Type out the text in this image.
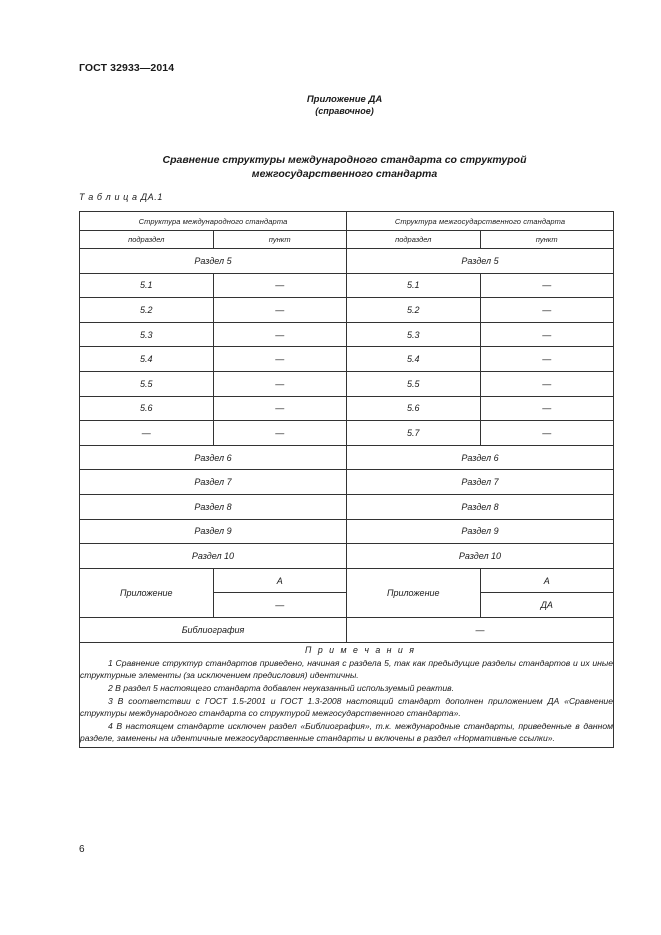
ГОСТ 32933—2014
Приложение ДА
(справочное)
Сравнение структуры международного стандарта со структурой
межгосударственного стандарта
Т а б л и ц а ДА.1
Структура международного стандарта		Структура межгосударственного стандарта	
подраздел	пункт	подраздел	пункт
Раздел 5		Раздел 5	
5.1	—	5.1	—
5.2	—	5.2	—
5.3	—	5.3	—
5.4	—	5.4	—
5.5	—	5.5	—
5.6	—	5.6	—
—	—	5.7	—
Раздел 6		Раздел 6	
Раздел 7		Раздел 7	
Раздел 8		Раздел 8	
Раздел 9		Раздел 9	
Раздел 10		Раздел 10	
Приложение	А	Приложение	А
	—		ДА
Библиография		—	

П р и м е ч а н и я

1 Сравнение структур стандартов приведено, начиная с раздела 5, так как предыдущие разделы стандартов и их иные структурные элементы (за исключением предисловия) идентичны.

2 В раздел 5 настоящего стандарта добавлен неуказанный используемый реактив.

3 В соответствии с ГОСТ 1.5-2001 и ГОСТ 1.3-2008 настоящий стандарт дополнен приложением ДА «Сравнение структуры международного стандарта со структурой межгосударственного стандарта».

4 В настоящем стандарте исключен раздел «Библиография», т.к. международные стандарты, приведенные в данном разделе, заменены на идентичные межгосударственные стандарты и включены в раздел «Нормативные ссылки».			

6
